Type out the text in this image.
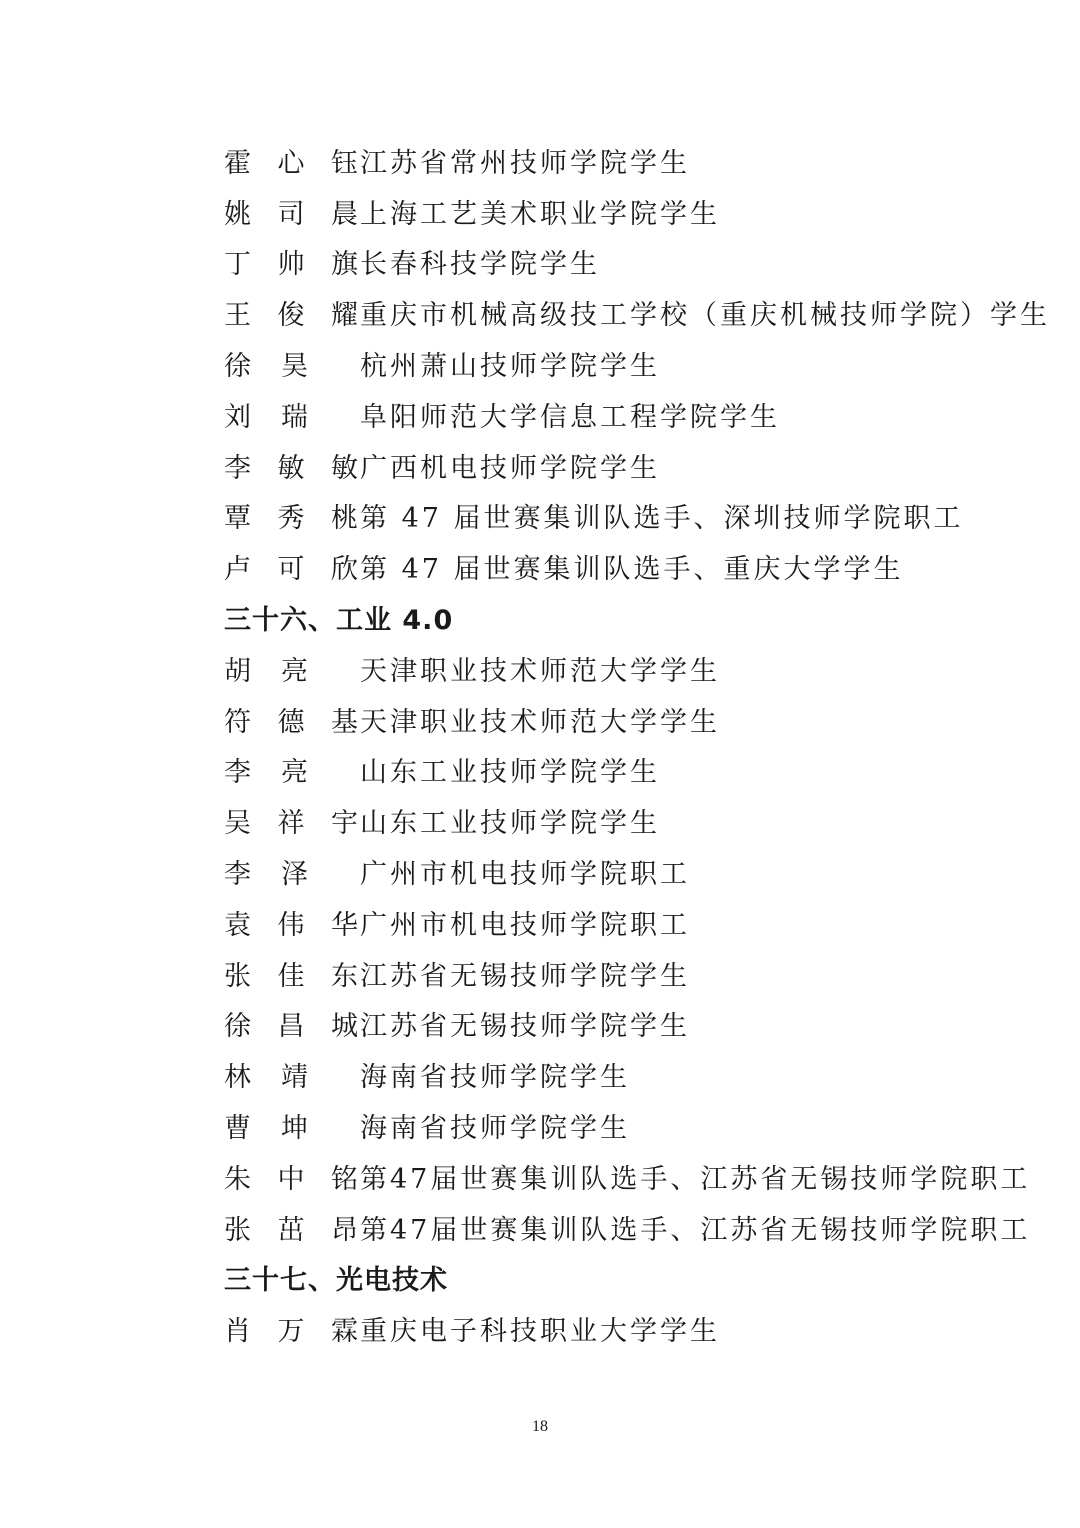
霍心钰 江苏省常州技师学院学生
姚司晨 上海工艺美术职业学院学生
丁帅旗 长春科技学院学生
王俊耀 重庆市机械高级技工学校（重庆机械技师学院）学生
徐昊	杭州萧山技师学院学生
刘瑞	阜阳师范大学信息工程学院学生
李敏敏 广西机电技师学院学生
覃秀桃 第 47 届世赛集训队选手、深圳技师学院职工
卢可欣 第 47 届世赛集训队选手、重庆大学学生
三十六、工业 4.0
胡亮	天津职业技术师范大学学生
符德基 天津职业技术师范大学学生
李亮	山东工业技师学院学生
吴祥宇 山东工业技师学院学生
李泽	广州市机电技师学院职工
袁伟华 广州市机电技师学院职工
张佳东 江苏省无锡技师学院学生
徐昌城 江苏省无锡技师学院学生
林靖	海南省技师学院学生
曹坤	海南省技师学院学生
朱中铭 第47届世赛集训队选手、江苏省无锡技师学院职工
张茁昂 第47届世赛集训队选手、江苏省无锡技师学院职工
三十七、光电技术
肖万霖 重庆电子科技职业大学学生
18
